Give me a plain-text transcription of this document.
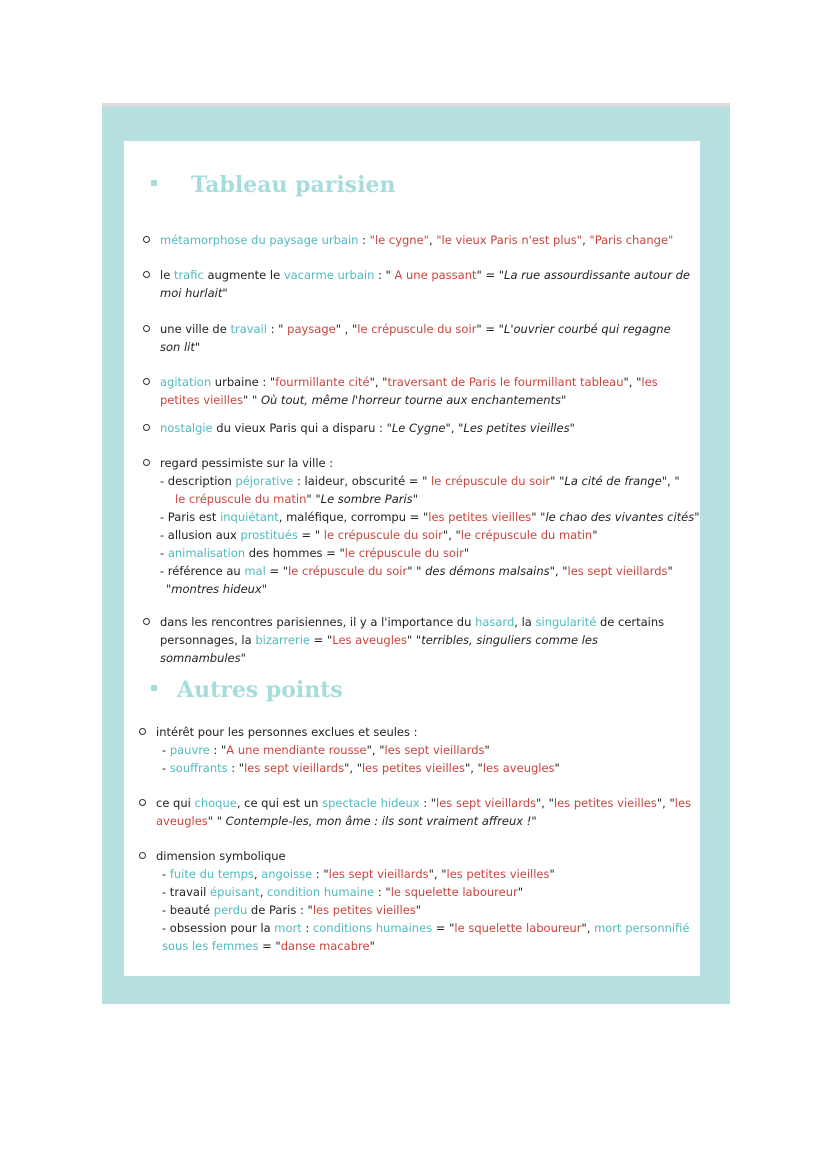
Tableau parisien
métamorphose du paysage urbain : "le cygne", "le vieux Paris n'est plus", "Paris change"
le trafic augmente le vacarme urbain : " A une passant" = "La rue assourdissante autour de moi hurlait"
une ville de travail : " paysage" , "le crépuscule du soir" = "L'ouvrier courbé qui regagne son lit"
agitation urbaine : "fourmillante cité", "traversant de Paris le fourmillant tableau", "les petites vieilles" " Où tout, même l'horreur tourne aux enchantements"
nostalgie du vieux Paris qui a disparu : "Le Cygne", "Les petites vieilles"
regard pessimiste sur la ville :
- description péjorative : laideur, obscurité = " le crépuscule du soir" "La cité de frange", "
le crépuscule du matin" "Le sombre Paris"
- Paris est inquiétant, maléfique, corrompu = "les petites vieilles" "le chao des vivantes cités"
- allusion aux prostitués = " le crépuscule du soir", "le crépuscule du matin"
- animalisation des hommes = "le crépuscule du soir"
- référence au mal = "le crépuscule du soir" " des démons malsains", "les sept vieillards"
"montres hideux"
dans les rencontres parisiennes, il y a l'importance du hasard, la singularité de certains personnages, la bizarrerie = "Les aveugles" "terribles, singuliers comme les somnambules"
Autres points
intérêt pour les personnes exclues et seules :
- pauvre : "A une mendiante rousse", "les sept vieillards"
- souffrants : "les sept vieillards", "les petites vieilles", "les aveugles"
ce qui choque, ce qui est un spectacle hideux : "les sept vieillards", "les petites vieilles", "les aveugles" " Contemple-les, mon âme : ils sont vraiment affreux !"
dimension symbolique
- fuite du temps, angoisse : "les sept vieillards", "les petites vieilles"
- travail épuisant, condition humaine : "le squelette laboureur"
- beauté perdu de Paris : "les petites vieilles"
- obsession pour la mort : conditions humaines = "le squelette laboureur", mort personnifié sous les femmes = "danse macabre"
